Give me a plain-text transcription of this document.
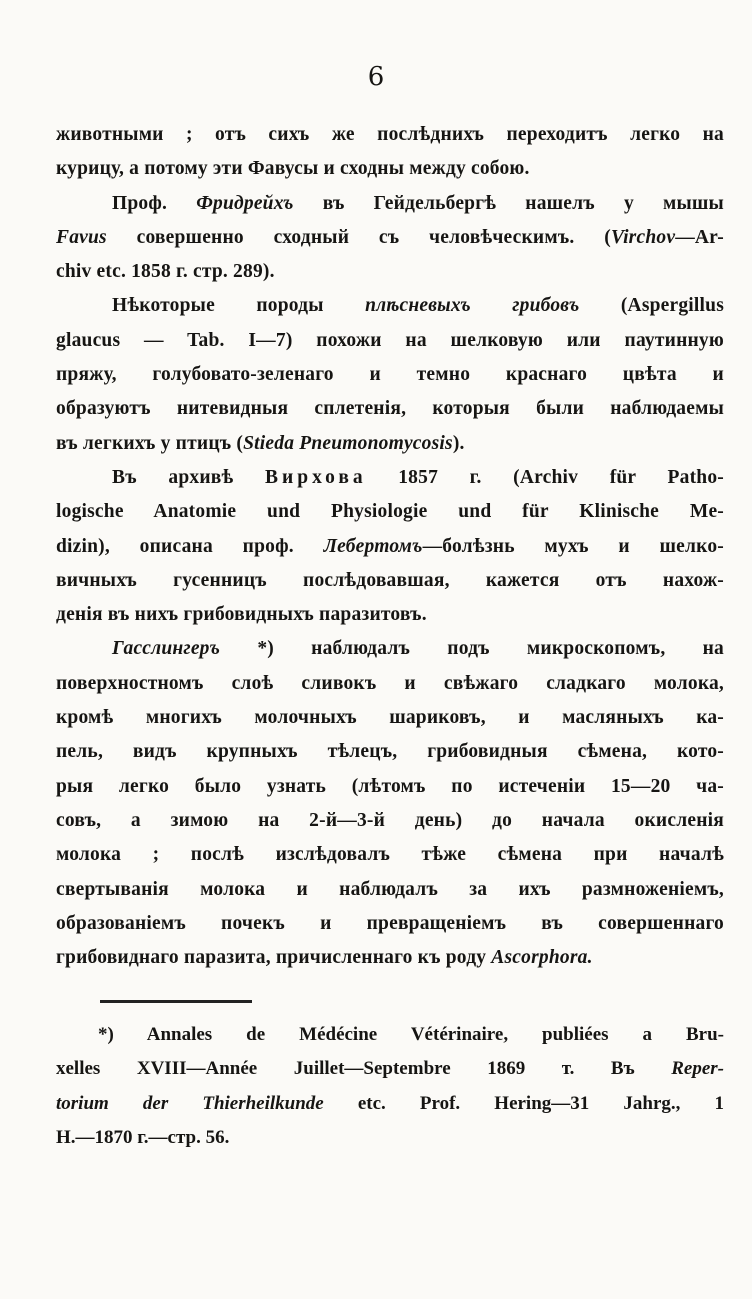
6
животными ; отъ сихъ же послѣднихъ переходитъ легко на
курицу, а потому эти Фавусы и сходны между собою.
Проф. Фридрейхъ въ Гейдельбергѣ нашелъ у мышы
Favus совершенно сходный съ человѣческимъ. (Virchov—Ar-
chiv etc. 1858 г. стр. 289).
Нѣкоторые породы плѣсневыхъ грибовъ (Aspergillus
glaucus — Tab. I—7) похожи на шелковую или паутинную
пряжу, голубовато-зеленаго и темно краснаго цвѣта и
образуютъ нитевидныя сплетенія, которыя были наблюдаемы
въ легкихъ у птицъ (Stieda Pneumonomycosis).
Въ архивѣ Вирхова 1857 г. (Archiv für Patho-
logische Anatomie und Physiologie und für Klinische Me-
dizin), описана проф. Лебертомъ—болѣзнь мухъ и шелко-
вичныхъ гусенницъ послѣдовавшая, кажется отъ нахож-
денія въ нихъ грибовидныхъ паразитовъ.
Гасслингеръ *) наблюдалъ подъ микроскопомъ, на
поверхностномъ слоѣ сливокъ и свѣжаго сладкаго молока,
кромѣ многихъ молочныхъ шариковъ, и масляныхъ ка-
пель, видъ крупныхъ тѣлецъ, грибовидныя сѣмена, кото-
рыя легко было узнать (лѣтомъ по истеченіи 15—20 ча-
совъ, а зимою на 2-й—3-й день) до начала окисленія
молока ; послѣ изслѣдовалъ тѣже сѣмена при началѣ
свертыванія молока и наблюдалъ за ихъ размноженіемъ,
образованіемъ почекъ и превращеніемъ въ совершеннаго
грибовиднаго паразита, причисленнаго къ роду Ascorphora.
*) Annales de Médécine Vétérinaire, publiées a Bru-
xelles XVIII—Année Juillet—Septembre 1869 т. Въ Reper-
torium der Thierheilkunde etc. Prof. Hering—31 Jahrg., 1
H.—1870 г.—стр. 56.
